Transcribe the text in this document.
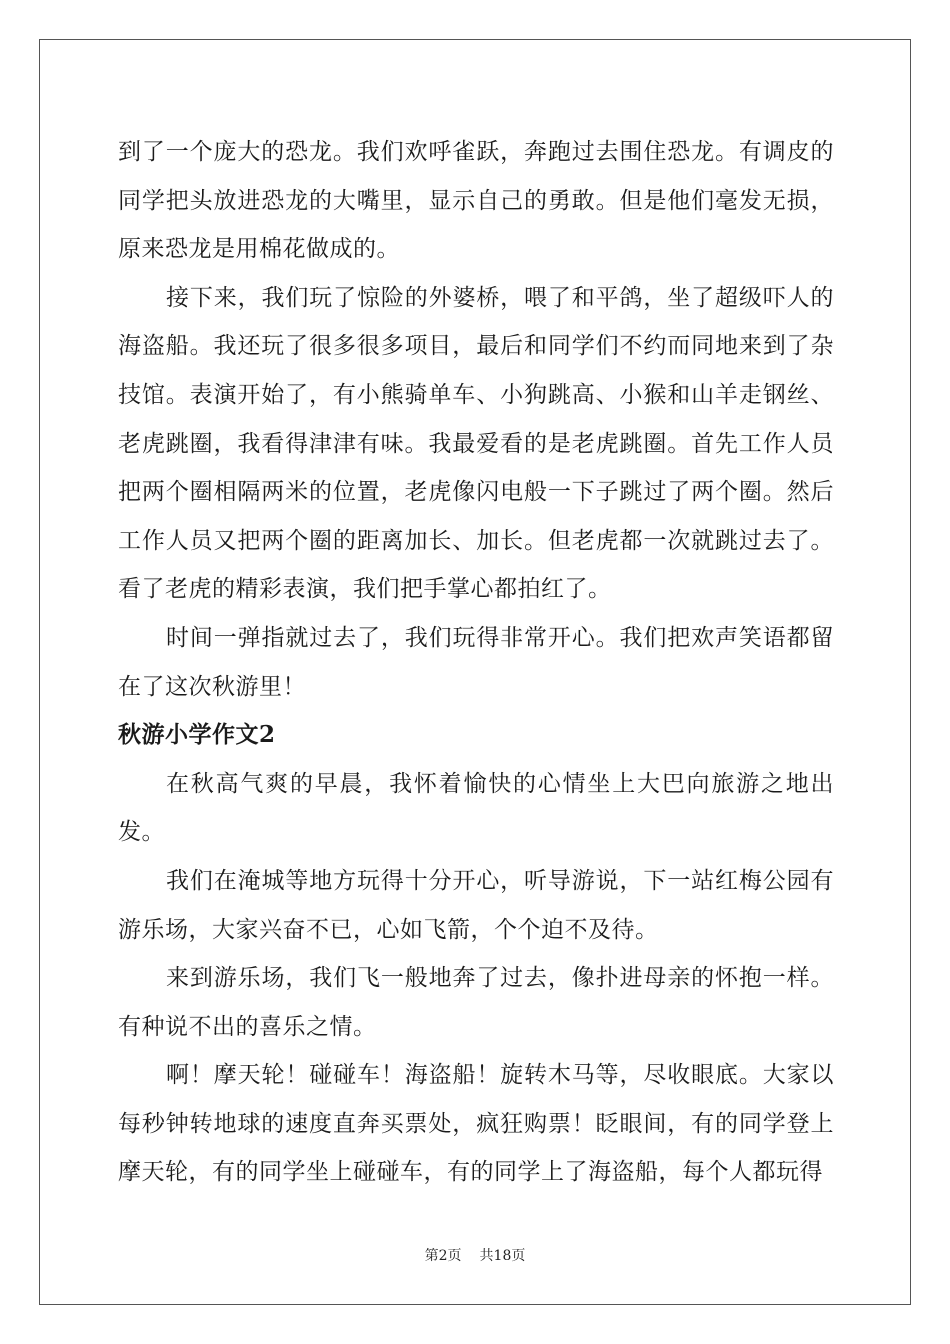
到了一个庞大的恐龙。我们欢呼雀跃，奔跑过去围住恐龙。有调皮的同学把头放进恐龙的大嘴里，显示自己的勇敢。但是他们毫发无损，原来恐龙是用棉花做成的。

接下来，我们玩了惊险的外婆桥，喂了和平鸽，坐了超级吓人的海盗船。我还玩了很多很多项目，最后和同学们不约而同地来到了杂技馆。表演开始了，有小熊骑单车、小狗跳高、小猴和山羊走钢丝、老虎跳圈，我看得津津有味。我最爱看的是老虎跳圈。首先工作人员把两个圈相隔两米的位置，老虎像闪电般一下子跳过了两个圈。然后工作人员又把两个圈的距离加长、加长。但老虎都一次就跳过去了。看了老虎的精彩表演，我们把手掌心都拍红了。

时间一弹指就过去了，我们玩得非常开心。我们把欢声笑语都留在了这次秋游里！

秋游小学作文2

在秋高气爽的早晨，我怀着愉快的心情坐上大巴向旅游之地出发。

我们在淹城等地方玩得十分开心，听导游说，下一站红梅公园有游乐场，大家兴奋不已，心如飞箭，个个迫不及待。

来到游乐场，我们飞一般地奔了过去，像扑进母亲的怀抱一样。有种说不出的喜乐之情。

啊！摩天轮！碰碰车！海盗船！旋转木马等，尽收眼底。大家以每秒钟转地球的速度直奔买票处，疯狂购票！眨眼间，有的同学登上摩天轮，有的同学坐上碰碰车，有的同学上了海盗船，每个人都玩得

第2页 共18页
